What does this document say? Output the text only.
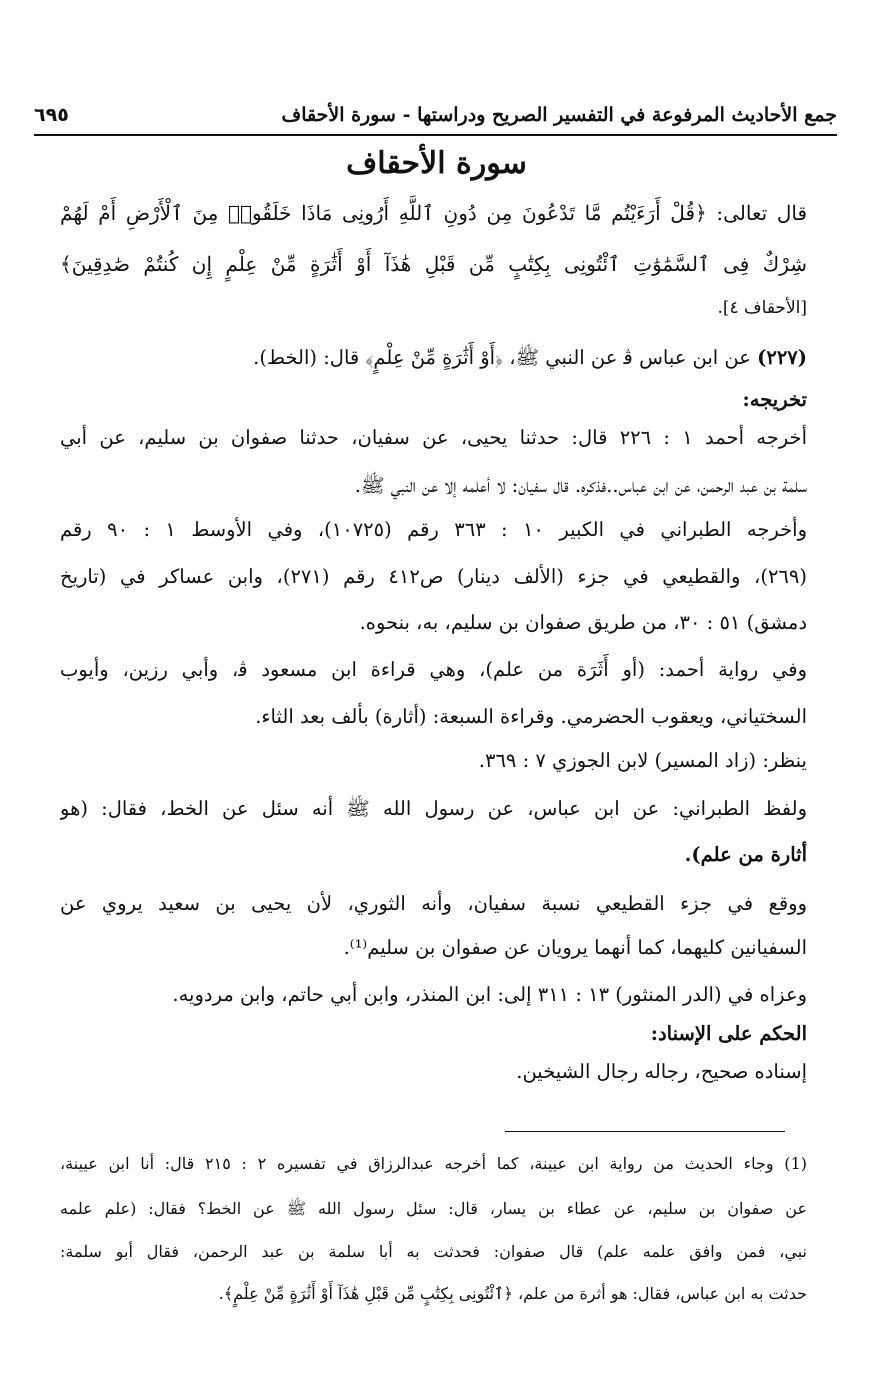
جمع الأحاديث المرفوعة في التفسير الصريح ودراستها - سورة الأحقاف
٦٩٥
سورة الأحقاف
قال تعالى: ﴿قُلْ أَرَءَيْتُم مَّا تَدْعُونَ مِن دُونِ ٱللَّهِ أَرُونِى مَاذَا خَلَقُوا۟ مِنَ ٱلْأَرْضِ أَمْ لَهُمْ
شِرْكٌ فِى ٱلسَّمَٰوَٰتِ ٱئْتُونِى بِكِتَٰبٍ مِّن قَبْلِ هَٰذَآ أَوْ أَثَٰرَةٍ مِّنْ عِلْمٍ إِن كُنتُمْ صَٰدِقِينَ﴾
[الأحقاف ٤].
(٢٢٧) عن ابن عباس ﭬ عن النبي ﷺ، ﴿أَوْ أَثَٰرَةٍ مِّنْ عِلْمٍ﴾ قال: (الخط).
تخريجه:
أخرجه أحمد ١ : ٢٢٦ قال: حدثنا يحيى، عن سفيان، حدثنا صفوان بن سليم، عن أبي
سلمة بن عبد الرحمن، عن ابن عباس..فذكره. قال سفيان: لا أعلمه إلا عن النبي ﷺ.
وأخرجه الطبراني في الكبير ١٠ : ٣٦٣ رقم (١٠٧٢٥)، وفي الأوسط ١ : ٩٠ رقم
(٢٦٩)، والقطيعي في جزء (الألف دينار) ص٤١٢ رقم (٢٧١)، وابن عساكر في (تاريخ
دمشق) ٥١ : ٣٠، من طريق صفوان بن سليم، به، بنحوه.
وفي رواية أحمد: (أو أَثَرَة من علم)، وهي قراءة ابن مسعود ﭬ، وأبي رزين، وأيوب
السختياني، ويعقوب الحضرمي. وقراءة السبعة: (أثارة) بألف بعد الثاء.
ينظر: (زاد المسير) لابن الجوزي ٧ : ٣٦٩.
ولفظ الطبراني: عن ابن عباس، عن رسول الله ﷺ أنه سئل عن الخط، فقال: (هو
أثارة من علم).
ووقع في جزء القطيعي نسبة سفيان، وأنه الثوري، لأن يحيى بن سعيد يروي عن
السفيانين كليهما، كما أنهما يرويان عن صفوان بن سليم⁽¹⁾.
وعزاه في (الدر المنثور) ١٣ : ٣١١ إلى: ابن المنذر، وابن أبي حاتم، وابن مردويه.
الحكم على الإسناد:
إسناده صحيح، رجاله رجال الشيخين.
(1) وجاء الحديث من رواية ابن عيينة، كما أخرجه عبدالرزاق في تفسيره ٢ : ٢١٥ قال: أنا ابن عيينة،
عن صفوان بن سليم، عن عطاء بن يسار، قال: سئل رسول الله ﷺ عن الخط؟ فقال: (علم علمه
نبي، فمن وافق علمه علم) قال صفوان: فحدثت به أبا سلمة بن عبد الرحمن، فقال أبو سلمة:
حدثت به ابن عباس، فقال: هو أثرة من علم، ﴿ٱئْتُونِى بِكِتَٰبٍ مِّن قَبْلِ هَٰذَآ أَوْ أَثَٰرَةٍ مِّنْ عِلْمٍ﴾.
